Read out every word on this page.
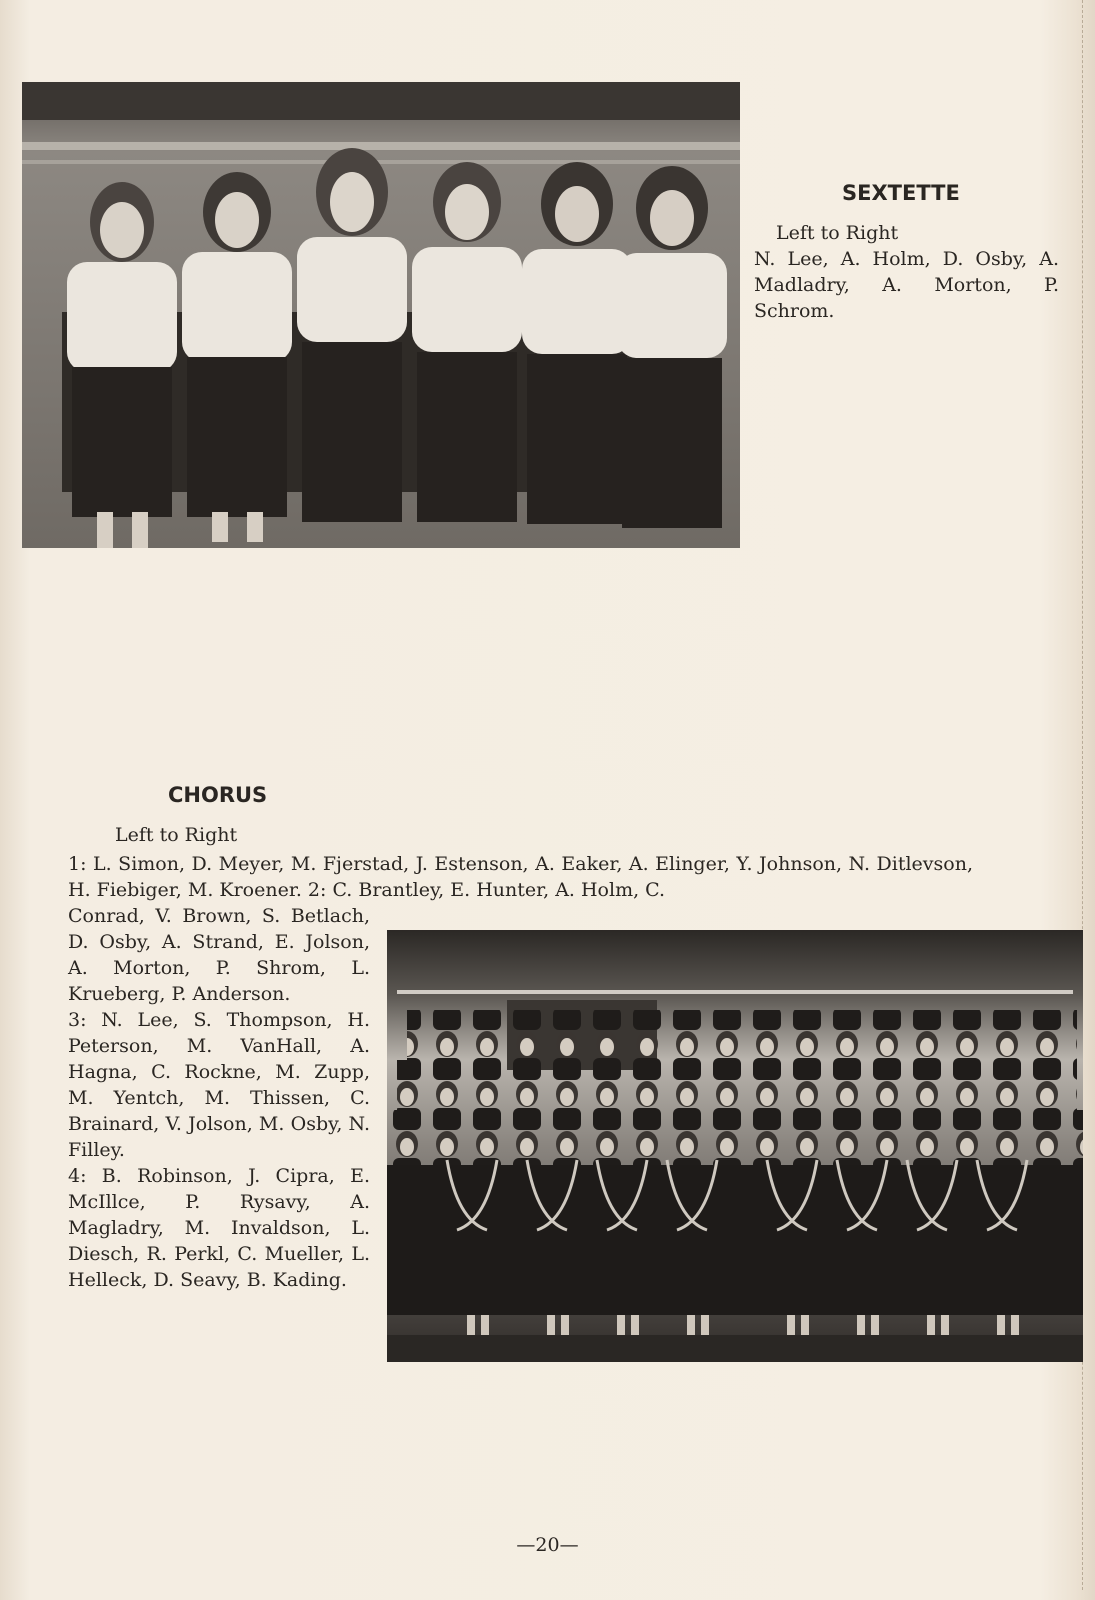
SEXTETTE
Left to Right
N. Lee, A. Holm, D. Osby, A. Madladry, A. Morton, P. Schrom.
CHORUS
Left to Right
1: L. Simon, D. Meyer, M. Fjerstad, J. Estenson, A. Eaker, A. Elinger, Y. Johnson, N. Ditlevson, H. Fiebiger, M. Kroener. 2: C. Brantley, E. Hunter, A. Holm, C.

Conrad, V. Brown, S. Betlach, D. Osby, A. Strand, E. Jolson, A. Morton, P. Shrom, L. Krueberg, P. Anderson.

3: N. Lee, S. Thompson, H. Peterson, M. VanHall, A. Hagna, C. Rockne, M. Zupp, M. Yentch, M. Thissen, C. Brainard, V. Jolson, M. Osby, N. Filley.

4: B. Robinson, J. Cipra, E. McIllce, P. Rysavy, A. Magladry, M. Invaldson, L. Diesch, R. Perkl, C. Mueller, L. Helleck, D. Seavy, B. Kading.

—20—
